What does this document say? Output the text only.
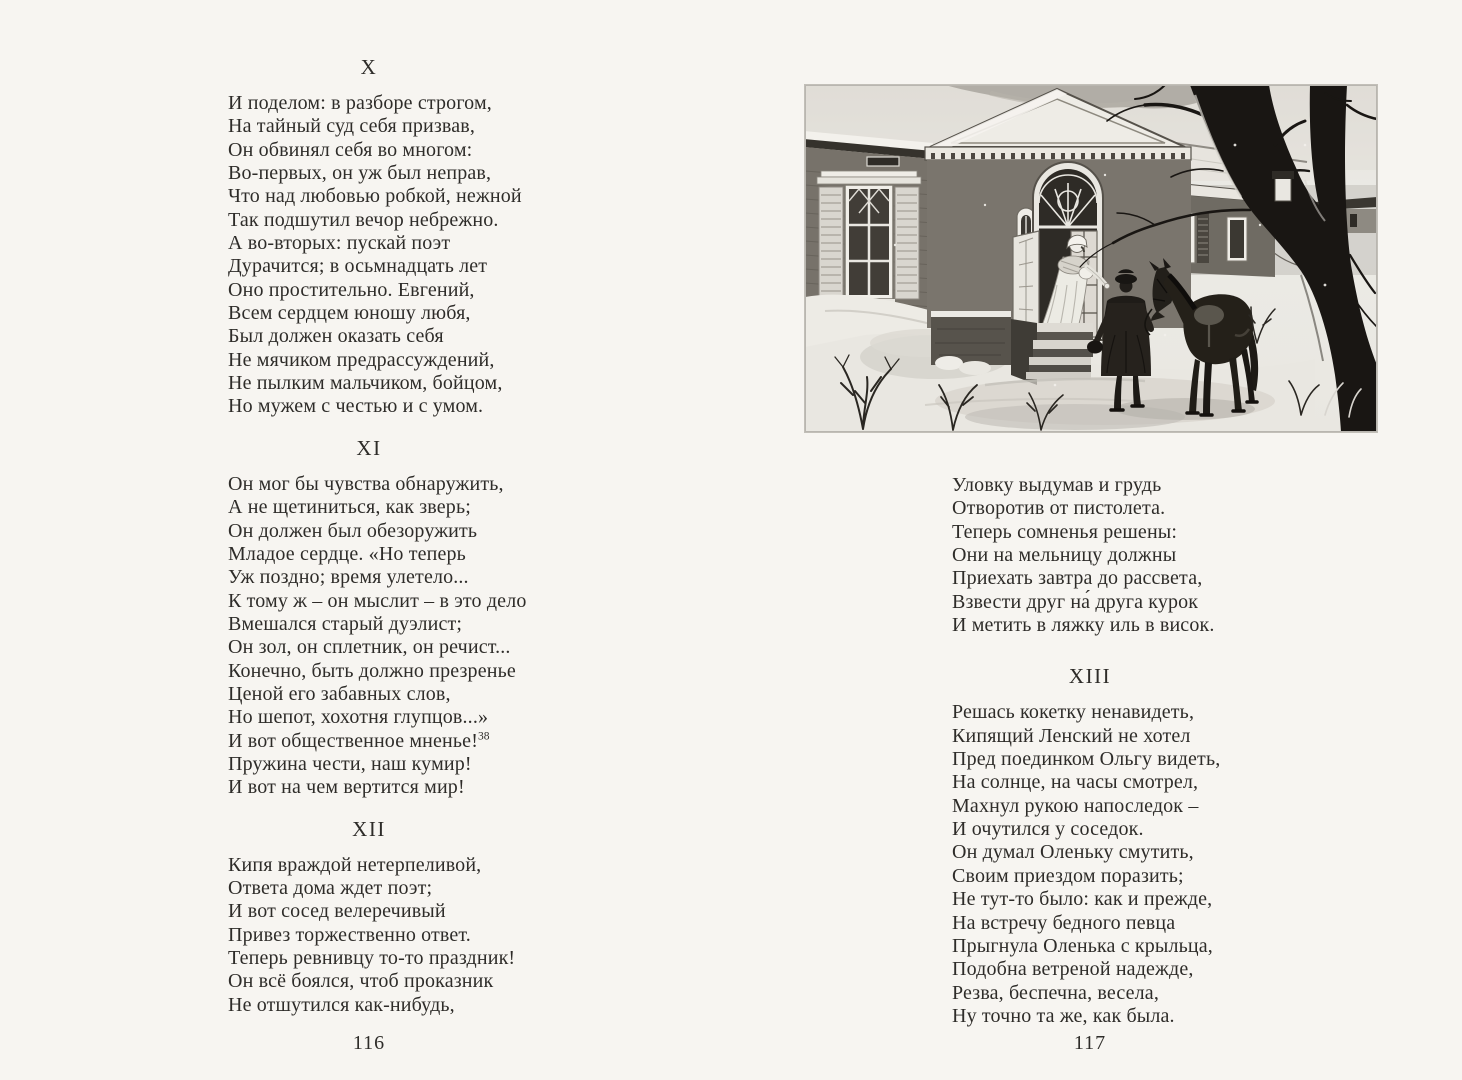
X
И поделом: в разборе строгом,
На тайный суд себя призвав,
Он обвинял себя во многом:
Во-первых, он уж был неправ,
Что над любовью робкой, нежной
Так подшутил вечор небрежно.
А во-вторых: пускай поэт
Дурачится; в осьмнадцать лет
Оно простительно. Евгений,
Всем сердцем юношу любя,
Был должен оказать себя
Не мячиком предрассуждений,
Не пылким мальчиком, бойцом,
Но мужем с честью и с умом.
XI
Он мог бы чувства обнаружить,
А не щетиниться, как зверь;
Он должен был обезоружить
Младое сердце. «Но теперь
Уж поздно; время улетело...
К тому ж – он мыслит – в это дело
Вмешался старый дуэлист;
Он зол, он сплетник, он речист...
Конечно, быть должно презренье
Ценой его забавных слов,
Но шепот, хохотня глупцов...»
И вот общественное мненье!$^{38}$
Пружина чести, наш кумир!
И вот на чем вертится мир!
XII
Кипя враждой нетерпеливой,
Ответа дома ждет поэт;
И вот сосед велеречивый
Привез торжественно ответ.
Теперь ревнивцу то-то праздник!
Он всё боялся, чтоб проказник
Не отшутился как-нибудь,
Уловку выдумав и грудь
Отворотив от пистолета.
Теперь сомненья решены:
Они на мельницу должны
Приехать завтра до рассвета,
Взвести друг на́ друга курок
И метить в ляжку иль в висок.
XIII
Решась кокетку ненавидеть,
Кипящий Ленский не хотел
Пред поединком Ольгу видеть,
На солнце, на часы смотрел,
Махнул рукою напоследок –
И очутился у соседок.
Он думал Оленьку смутить,
Своим приездом поразить;
Не тут-то было: как и прежде,
На встречу бедного певца
Прыгнула Оленька с крыльца,
Подобна ветреной надежде,
Резва, беспечна, весела,
Ну точно та же, как была.
116	117
